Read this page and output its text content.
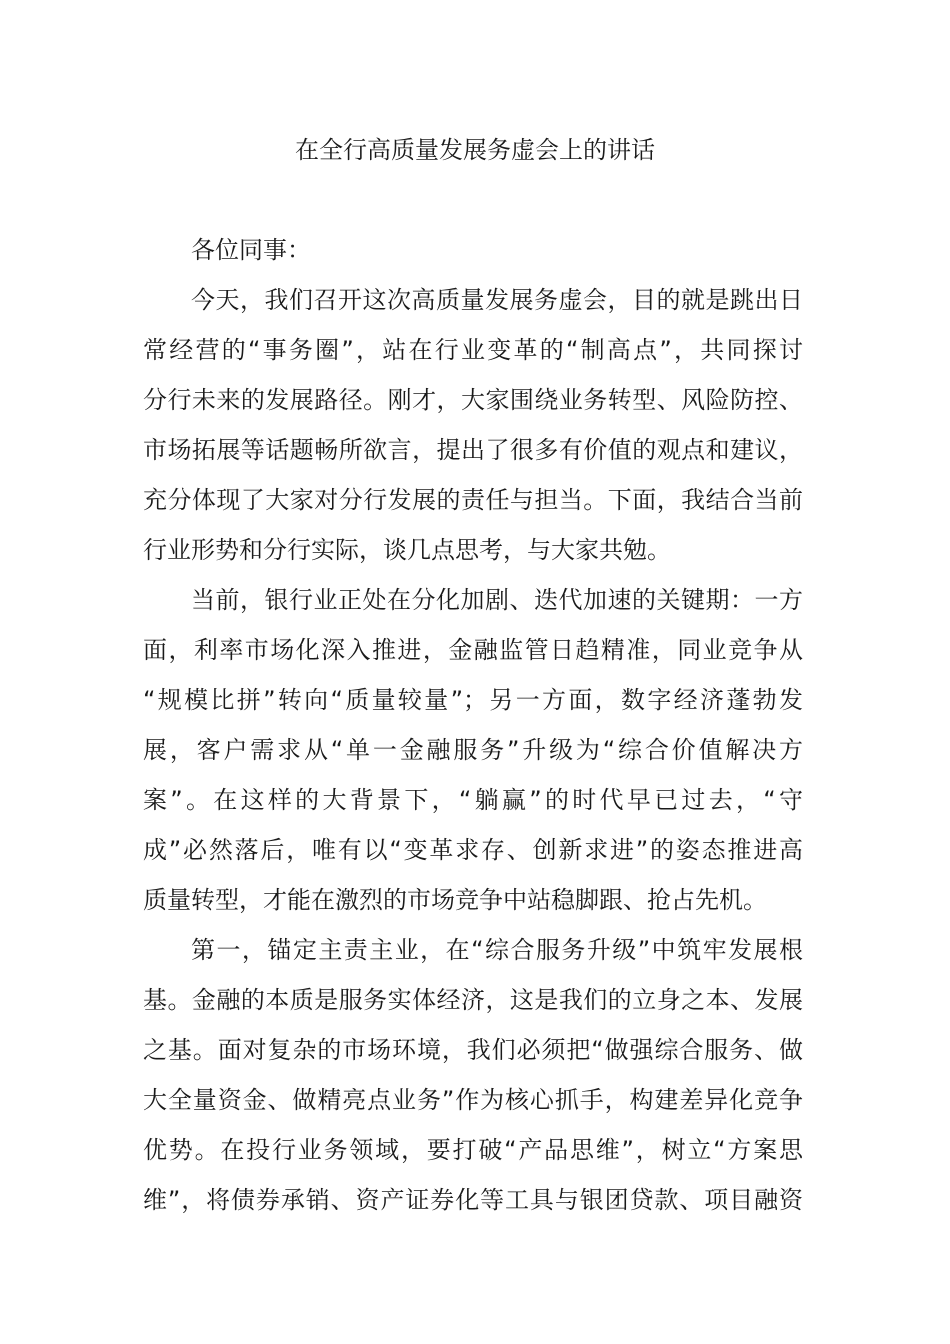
在全行高质量发展务虚会上的讲话
各位同事：
今天，我们召开这次高质量发展务虚会，目的就是跳出日
常经营的“事务圈”，站在行业变革的“制高点”，共同探讨
分行未来的发展路径。刚才，大家围绕业务转型、风险防控、
市场拓展等话题畅所欲言，提出了很多有价值的观点和建议，
充分体现了大家对分行发展的责任与担当。下面，我结合当前
行业形势和分行实际，谈几点思考，与大家共勉。
当前，银行业正处在分化加剧、迭代加速的关键期：一方
面，利率市场化深入推进，金融监管日趋精准，同业竞争从
“规模比拼”转向“质量较量”；另一方面，数字经济蓬勃发
展，客户需求从“单一金融服务”升级为“综合价值解决方
案”。在这样的大背景下，“躺赢”的时代早已过去，“守
成”必然落后，唯有以“变革求存、创新求进”的姿态推进高
质量转型，才能在激烈的市场竞争中站稳脚跟、抢占先机。
第一，锚定主责主业，在“综合服务升级”中筑牢发展根
基。金融的本质是服务实体经济，这是我们的立身之本、发展
之基。面对复杂的市场环境，我们必须把“做强综合服务、做
大全量资金、做精亮点业务”作为核心抓手，构建差异化竞争
优势。在投行业务领域，要打破“产品思维”，树立“方案思
维”，将债券承销、资产证券化等工具与银团贷款、项目融资
